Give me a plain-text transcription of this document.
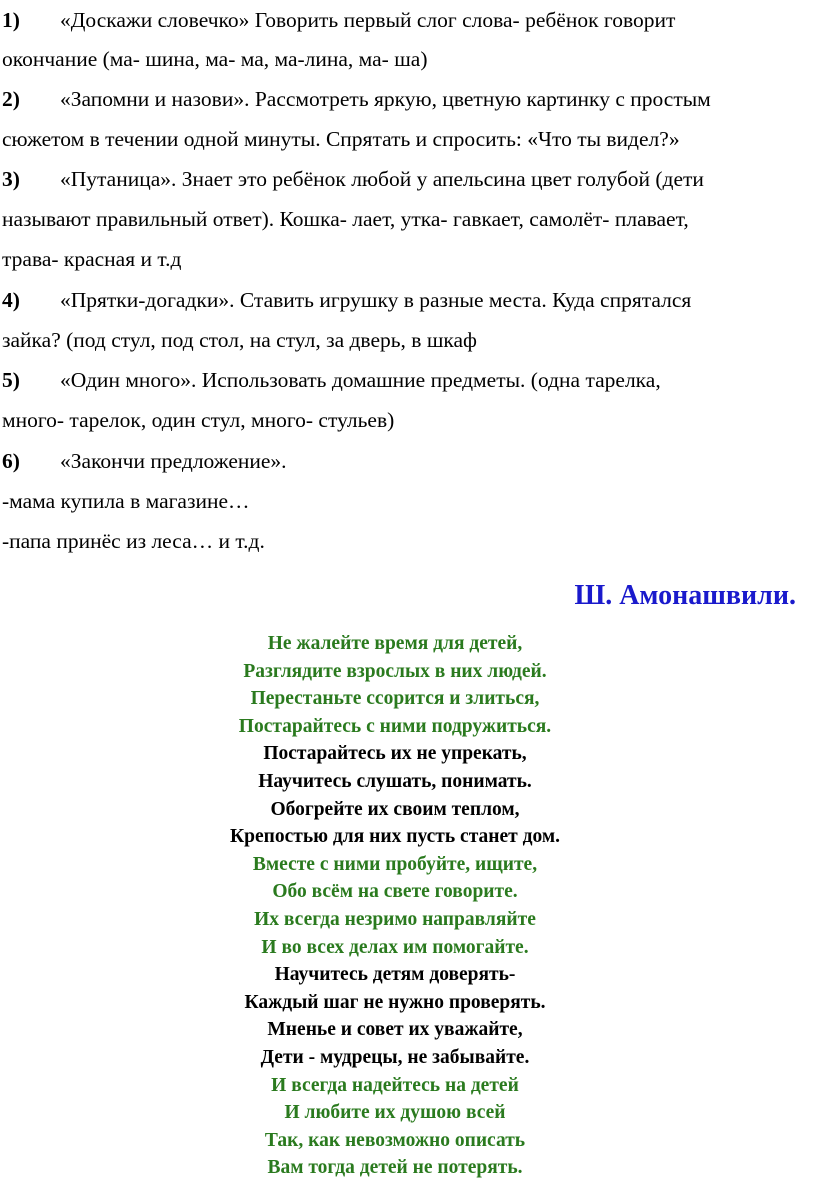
1) «Доскажи словечко» Говорить первый слог слова- ребёнок говорит
окончание (ма- шина, ма- ма, ма-лина, ма- ша)
2) «Запомни и назови». Рассмотреть яркую, цветную картинку с простым
сюжетом в течении одной минуты. Спрятать и спросить: «Что ты видел?»
3) «Путаница». Знает это ребёнок любой у апельсина цвет голубой (дети
называют правильный ответ). Кошка- лает, утка- гавкает, самолёт- плавает,
трава- красная и т.д
4) «Прятки-догадки». Ставить игрушку в разные места. Куда спрятался
зайка? (под стул, под стол, на стул, за дверь, в шкаф
5) «Один много». Использовать домашние предметы. (одна тарелка,
много- тарелок, один стул, много- стульев)
6) «Закончи предложение».
-мама купила в магазине…
-папа принёс из леса… и т.д.
Ш. Амонашвили.
Не жалейте время для детей,
Разглядите взрослых в них людей.
Перестаньте ссорится и злиться,
Постарайтесь с ними подружиться.
Постарайтесь их не упрекать,
Научитесь слушать, понимать.
Обогрейте их своим теплом,
Крепостью для них пусть станет дом.
Вместе с ними пробуйте, ищите,
Обо всём на свете говорите.
Их всегда незримо направляйте
И во всех делах им помогайте.
Научитесь детям доверять-
Каждый шаг не нужно проверять.
Мненье и совет их уважайте,
Дети - мудрецы, не забывайте.
И всегда надейтесь на детей
И любите их душою всей
Так, как невозможно описать
Вам тогда детей не потерять.
